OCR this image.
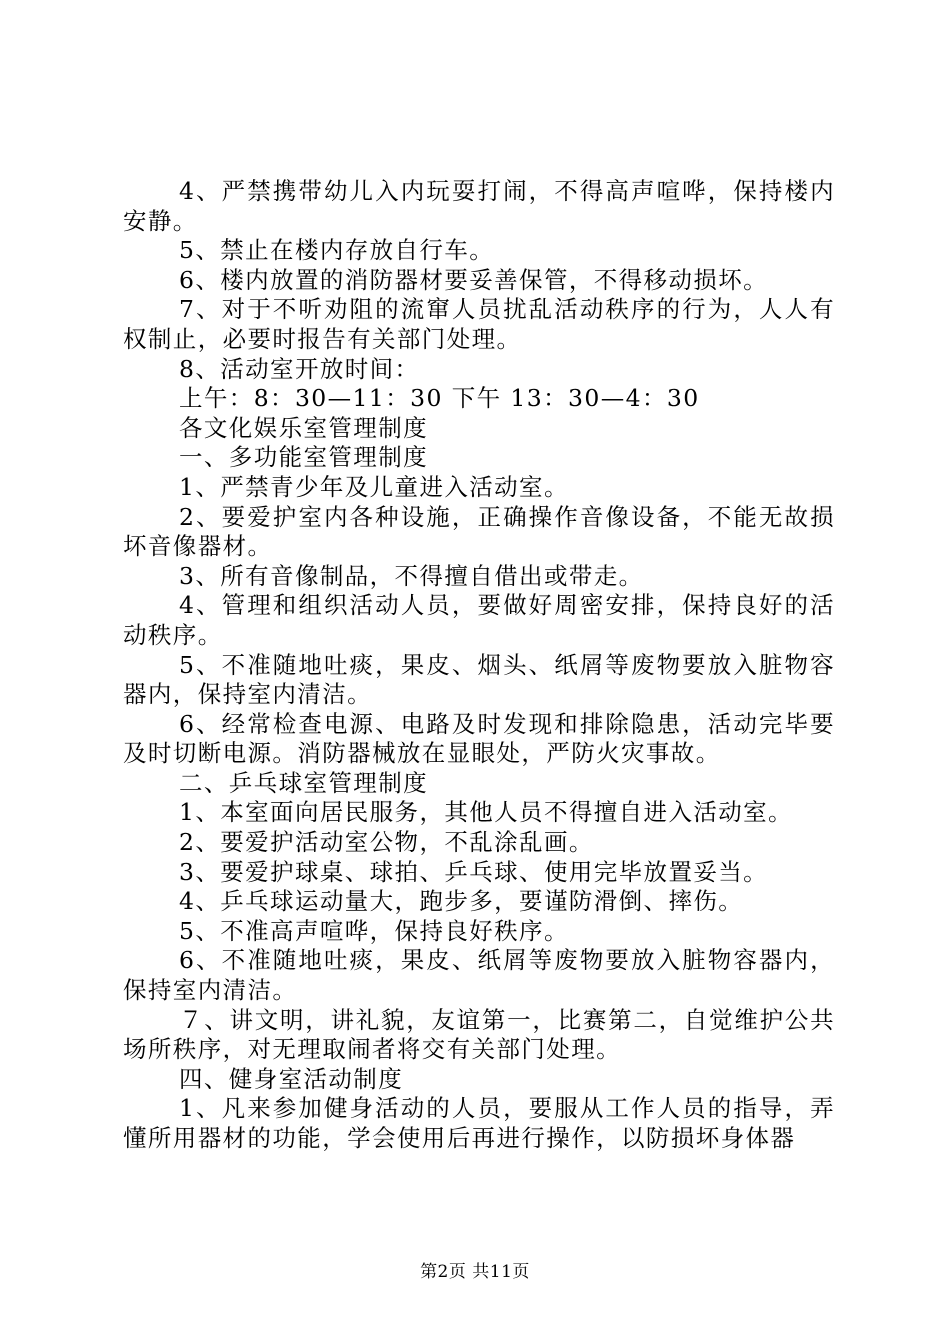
4、严禁携带幼儿入内玩耍打闹，不得高声喧哗，保持楼内安静。

5、禁止在楼内存放自行车。

6、楼内放置的消防器材要妥善保管，不得移动损坏。

7、对于不听劝阻的流窜人员扰乱活动秩序的行为，人人有权制止，必要时报告有关部门处理。

8、活动室开放时间：

上午：8：30—11：30 下午 13：30—4：30

各文化娱乐室管理制度

一、多功能室管理制度

1、严禁青少年及儿童进入活动室。

2、要爱护室内各种设施，正确操作音像设备，不能无故损坏音像器材。

3、所有音像制品，不得擅自借出或带走。

4、管理和组织活动人员，要做好周密安排，保持良好的活动秩序。

5、不准随地吐痰，果皮、烟头、纸屑等废物要放入脏物容器内，保持室内清洁。

6、经常检查电源、电路及时发现和排除隐患，活动完毕要及时切断电源。消防器械放在显眼处，严防火灾事故。

二、乒乓球室管理制度

1、本室面向居民服务，其他人员不得擅自进入活动室。

2、要爱护活动室公物，不乱涂乱画。

3、要爱护球桌、球拍、乒乓球、使用完毕放置妥当。

4、乒乓球运动量大，跑步多，要谨防滑倒、摔伤。

5、不准高声喧哗，保持良好秩序。

6、不准随地吐痰，果皮、纸屑等废物要放入脏物容器内，保持室内清洁。

７、讲文明，讲礼貌，友谊第一，比赛第二，自觉维护公共场所秩序，对无理取闹者将交有关部门处理。

四、健身室活动制度

1、凡来参加健身活动的人员，要服从工作人员的指导，弄懂所用器材的功能，学会使用后再进行操作，以防损坏身体器

第2页 共11页
